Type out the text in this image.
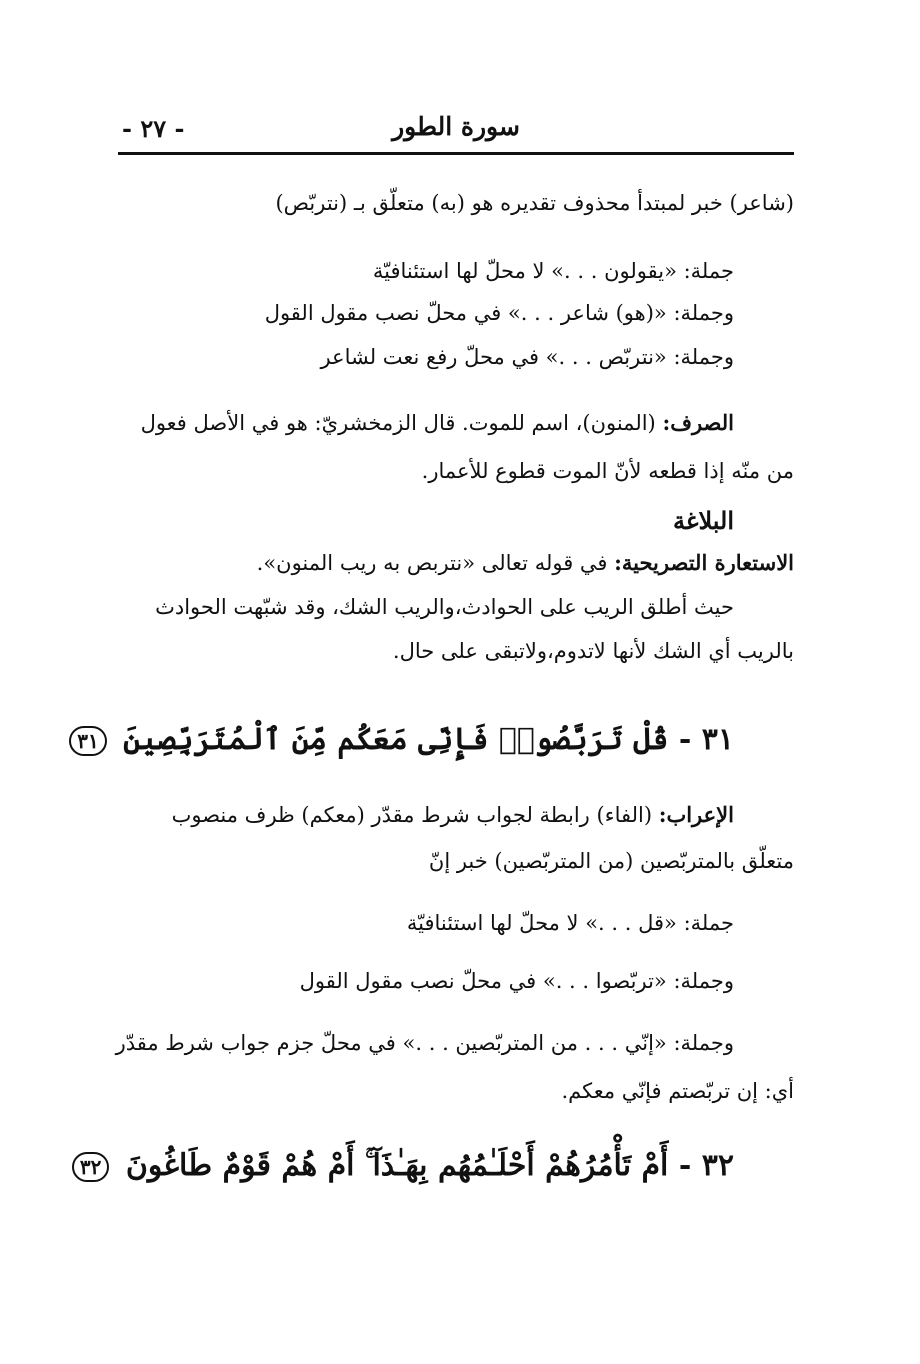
سورة الطور
- ٢٧ -
(شاعر) خبر لمبتدأ محذوف تقديره هو (به) متعلّق بـ (نتربّص)
جملة: «يقولون . . .» لا محلّ لها استئنافيّة
وجملة: «(هو) شاعر . . .» في محلّ نصب مقول القول
وجملة: «نتربّص . . .» في محلّ رفع نعت لشاعر
الصرف: (المنون)، اسم للموت. قال الزمخشريّ: هو في الأصل فعول
من منّه إذا قطعه لأنّ الموت قطوع للأعمار.
البلاغة
الاستعارة التصريحية: في قوله تعالى «نتربص به ريب المنون».
حيث أطلق الريب على الحوادث،والريب الشك، وقد شبّهت الحوادث
بالريب أي الشك لأنها لاتدوم،ولاتبقى على حال.
٣١ - قُلْ تَرَبَّصُوا۟ فَإِنِّى مَعَكُم مِّنَ ٱلْمُتَرَبِّصِينَ ٣١
الإعراب: (الفاء) رابطة لجواب شرط مقدّر (معكم) ظرف منصوب
متعلّق بالمتربّصين (من المتربّصين) خبر إنّ
جملة: «قل . . .» لا محلّ لها استئنافيّة
وجملة: «تربّصوا . . .» في محلّ نصب مقول القول
وجملة: «إنّي . . . من المتربّصين . . .» في محلّ جزم جواب شرط مقدّر
أي: إن تربّصتم فإنّي معكم.
٣٢ - أَمْ تَأْمُرُهُمْ أَحْلَـٰمُهُم بِهَـٰذَآ ۚ أَمْ هُمْ قَوْمٌ طَاغُونَ ٣٢
